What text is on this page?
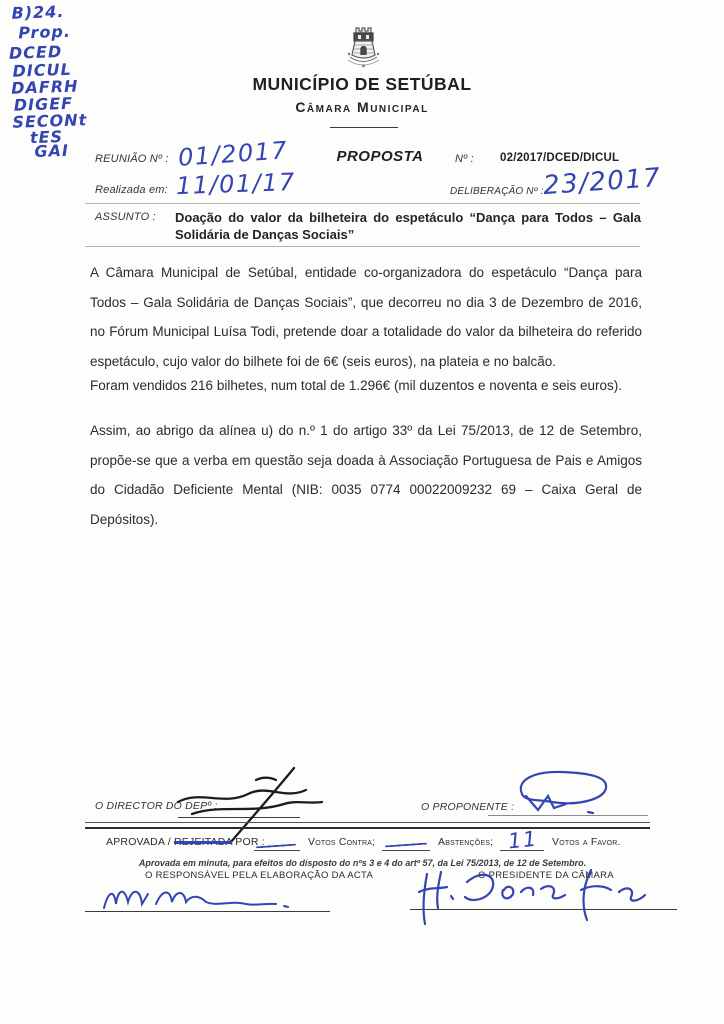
B)24.
Prop.
DCED
DICUL
DAFRH
DIGEF
SECONt
tES
GAI
MUNICÍPIO DE SETÚBAL
Câmara Municipal
REUNIÃO Nº : 01/2017	PROPOSTA	Nº : 02/2017/DCED/DICUL
Realizada em: 11/01/17	DELIBERAÇÃO Nº :
23/2017
ASSUNTO : Doação do valor da bilheteira do espetáculo “Dança para Todos – Gala Solidária de Danças Sociais”
A Câmara Municipal de Setúbal, entidade co-organizadora do espetáculo “Dança para Todos – Gala Solidária de Danças Sociais”, que decorreu no dia 3 de Dezembro de 2016, no Fórum Municipal Luísa Todi, pretende doar a totalidade do valor da bilheteira do referido espetáculo, cujo valor do bilhete foi de 6€ (seis euros), na plateia e no balcão.
Foram vendidos 216 bilhetes, num total de 1.296€ (mil duzentos e noventa e seis euros).
Assim, ao abrigo da alínea u) do n.º 1 do artigo 33º da Lei 75/2013, de 12 de Setembro, propõe-se que a verba em questão seja doada à Associação Portuguesa de Pais e Amigos do Cidadão Deficiente Mental (NIB: 0035 0774 00022009232 69 – Caixa Geral de Depósitos).
O DIRECTOR DO DEPº :	O PROPONENTE :
APROVADA / REJEITADA POR :	Votos Contra;	Abstenções; 11 Votos a Favor.
Aprovada em minuta, para efeitos do disposto do nºs 3 e 4 do artº 57, da Lei 75/2013, de 12 de Setembro.
O RESPONSÁVEL PELA ELABORAÇÃO DA ACTA	O PRESIDENTE DA CÂMARA
